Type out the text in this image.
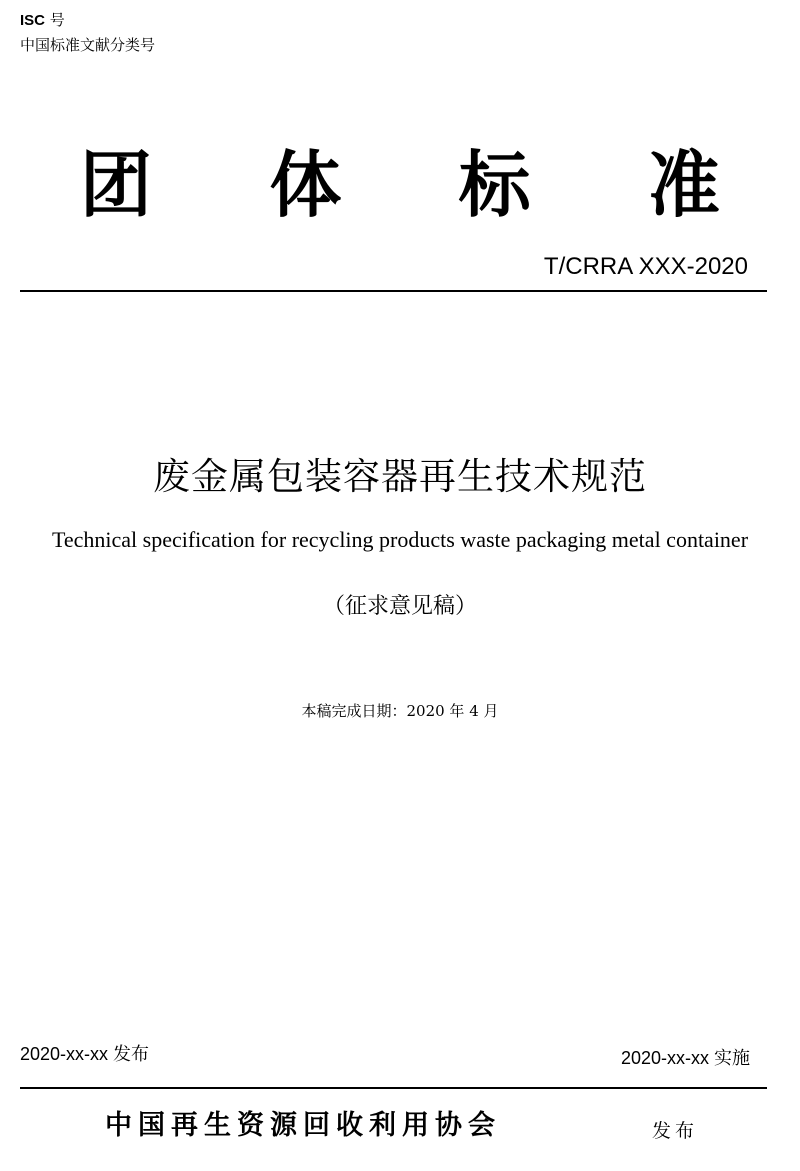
ISC 号
中国标准文献分类号
团 体 标 准
T/CRRA XXX-2020
废金属包装容器再生技术规范
Technical specification for recycling products waste packaging metal container
（征求意见稿）
本稿完成日期：2020 年 4 月
2020-xx-xx 发布	2020-xx-xx 实施
中国再生资源回收利用协会	发布
